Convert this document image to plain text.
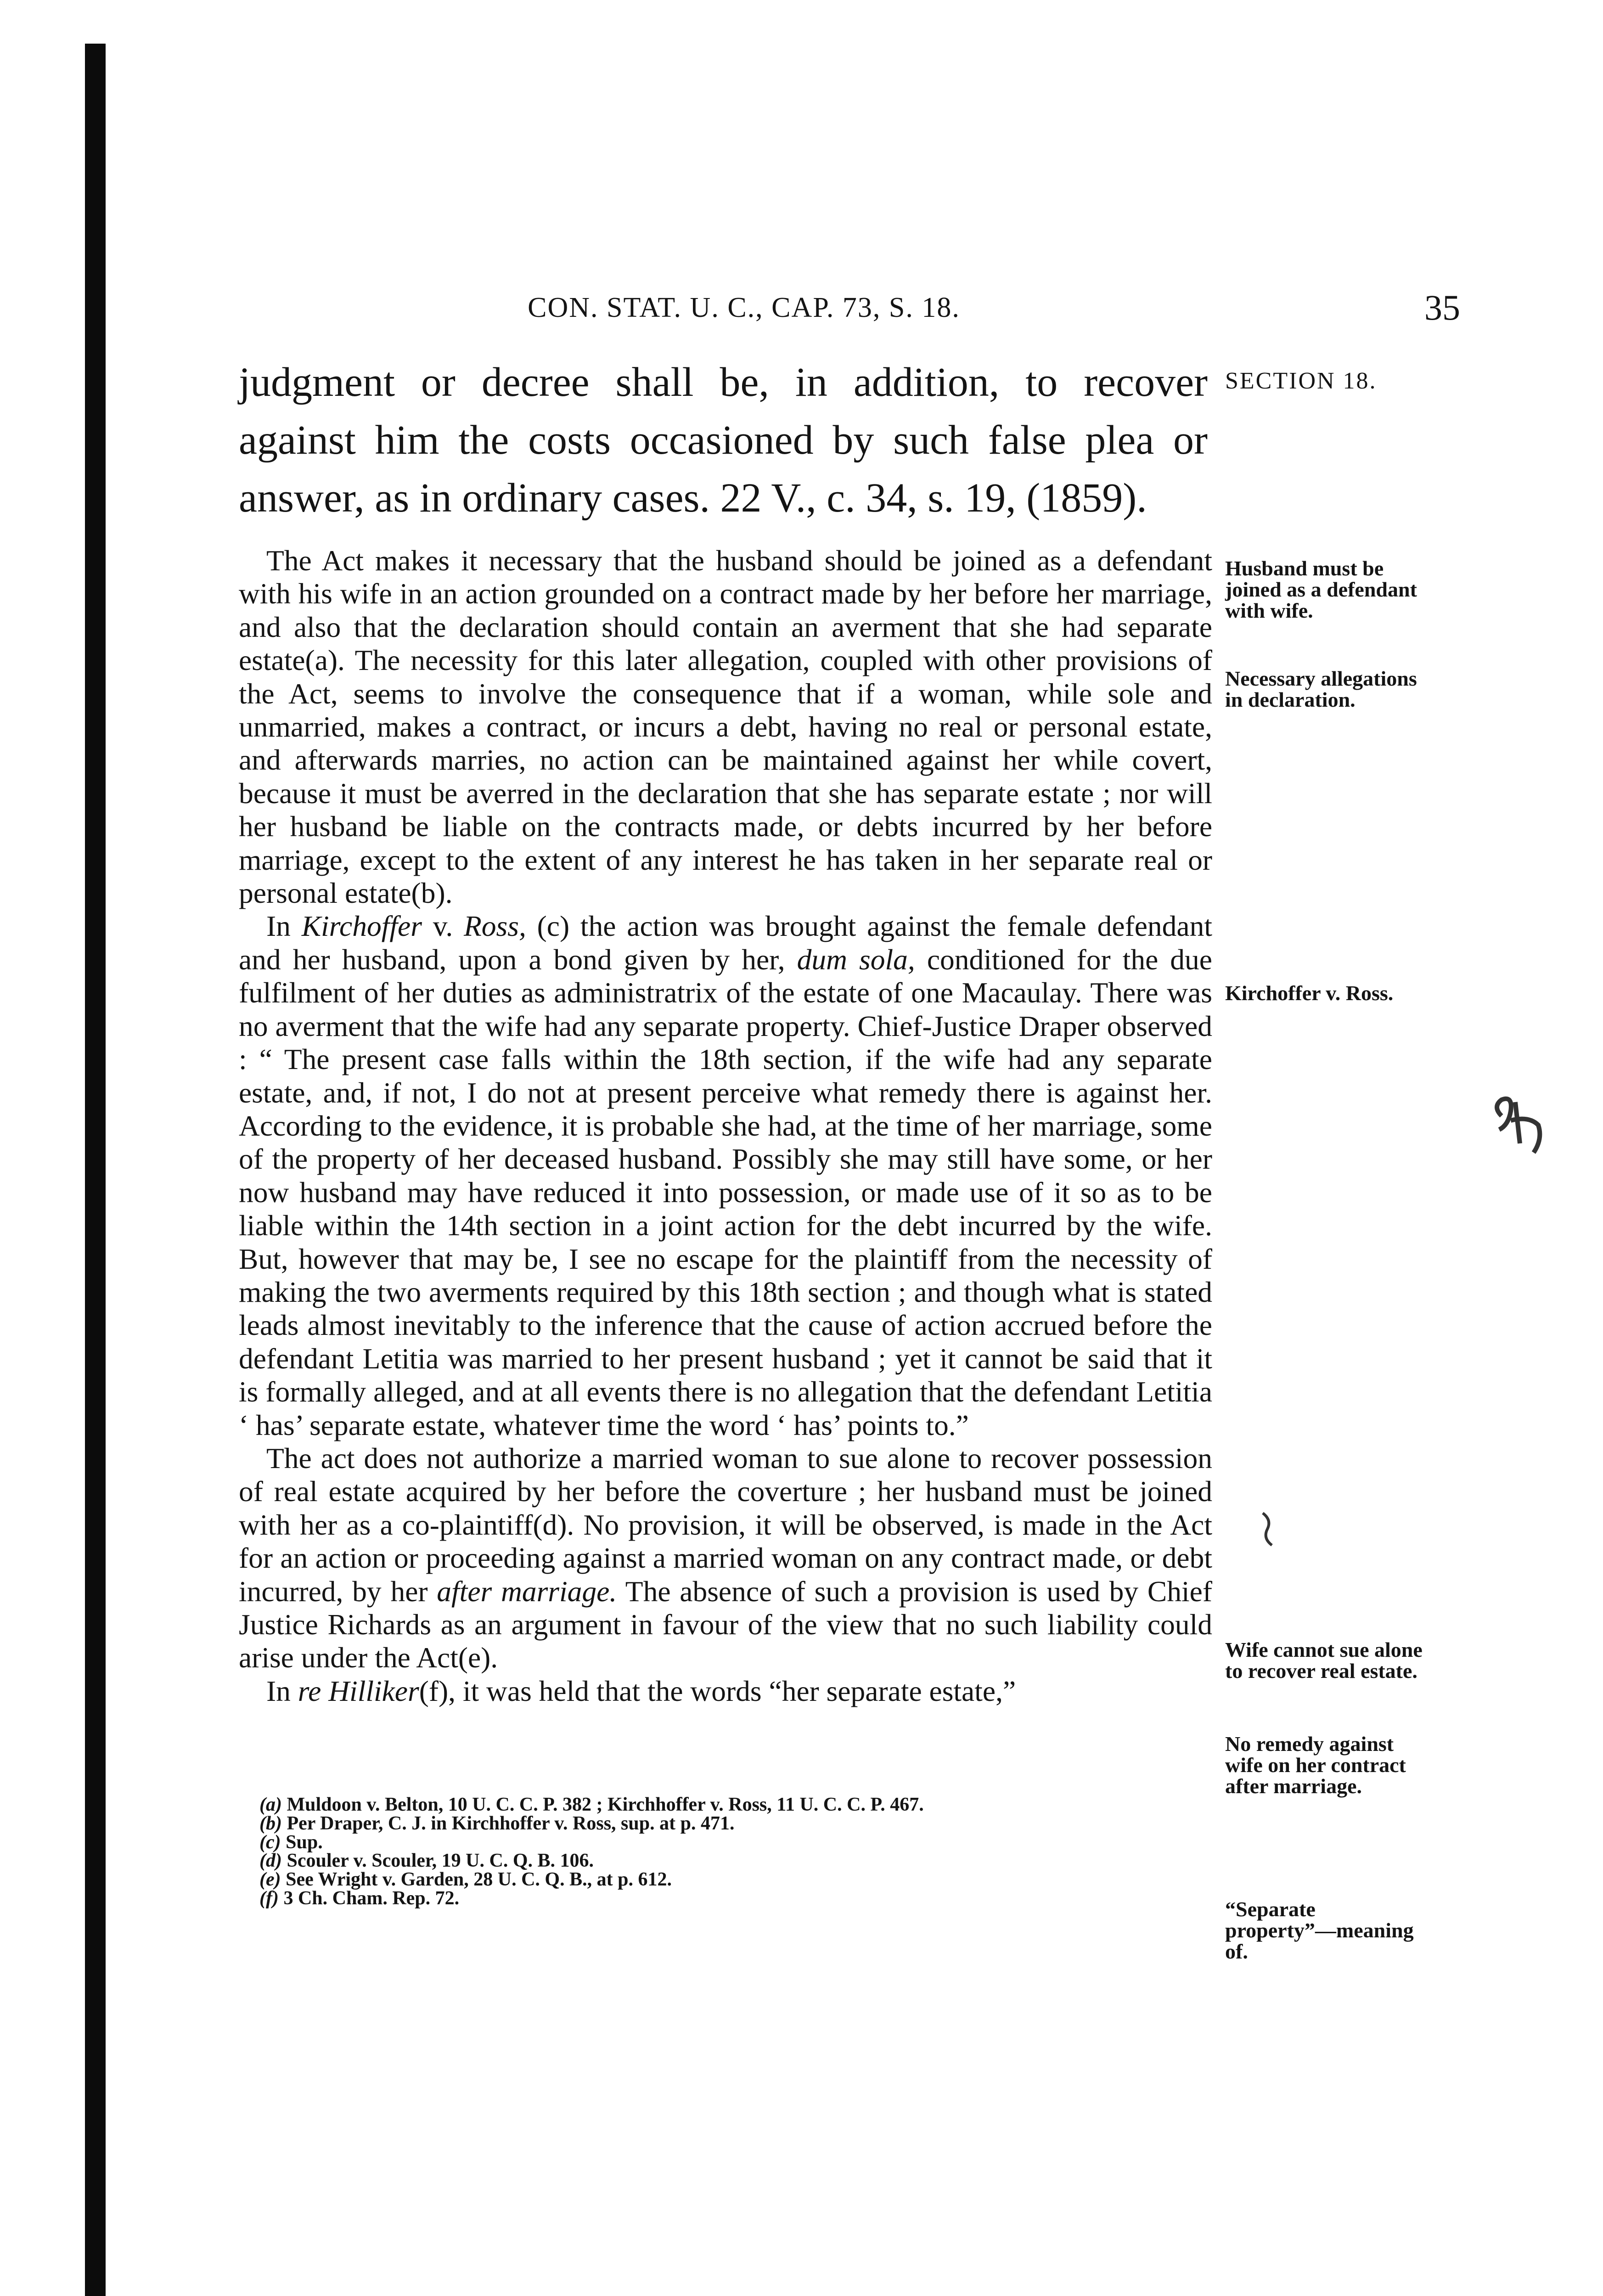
CON. STAT. U. C., CAP. 73, S. 18.	35
SECTION 18.
judgment or decree shall be, in addition, to recover against him the costs occasioned by such false plea or answer, as in ordinary cases. 22 V., c. 34, s. 19, (1859).

The Act makes it necessary that the husband should be joined as a defendant with his wife in an action grounded on a contract made by her before her marriage, and also that the declaration should contain an averment that she had separate estate(a). The necessity for this later allegation, coupled with other provisions of the Act, seems to involve the consequence that if a woman, while sole and unmarried, makes a contract, or incurs a debt, having no real or personal estate, and afterwards marries, no action can be maintained against her while covert, because it must be averred in the declaration that she has separate estate ; nor will her husband be liable on the contracts made, or debts incurred by her before marriage, except to the extent of any interest he has taken in her separate real or personal estate(b).

In Kirchoffer v. Ross, (c) the action was brought against the female defendant and her husband, upon a bond given by her, dum sola, conditioned for the due fulfilment of her duties as administratrix of the estate of one Macaulay. There was no averment that the wife had any separate property. Chief-Justice Draper observed : “ The present case falls within the 18th section, if the wife had any separate estate, and, if not, I do not at present perceive what remedy there is against her. According to the evidence, it is probable she had, at the time of her marriage, some of the property of her deceased husband. Possibly she may still have some, or her now husband may have reduced it into possession, or made use of it so as to be liable within the 14th section in a joint action for the debt incurred by the wife. But, however that may be, I see no escape for the plaintiff from the necessity of making the two averments required by this 18th section ; and though what is stated leads almost inevitably to the inference that the cause of action accrued before the defendant Letitia was married to her present husband ; yet it cannot be said that it is formally alleged, and at all events there is no allegation that the defendant Letitia ‘ has’ separate estate, whatever time the word ‘ has’ points to.”

The act does not authorize a married woman to sue alone to recover possession of real estate acquired by her before the coverture ; her husband must be joined with her as a co-plaintiff(d). No provision, it will be observed, is made in the Act for an action or proceeding against a married woman on any contract made, or debt incurred, by her after marriage. The absence of such a provision is used by Chief Justice Richards as an argument in favour of the view that no such liability could arise under the Act(e).

In re Hilliker(f), it was held that the words “her separate estate,”

Husband must be joined as a defendant with wife.
Necessary allegations in declaration.
Kirchoffer v. Ross.
Wife cannot sue alone to recover real estate.
No remedy against wife on her contract after marriage.
“Separate property”—meaning of.
(a) Muldoon v. Belton, 10 U. C. C. P. 382 ; Kirchhoffer v. Ross, 11 U. C. C. P. 467.
(b) Per Draper, C. J. in Kirchhoffer v. Ross, sup. at p. 471.
(c) Sup.
(d) Scouler v. Scouler, 19 U. C. Q. B. 106.
(e) See Wright v. Garden, 28 U. C. Q. B., at p. 612.
(f) 3 Ch. Cham. Rep. 72.
